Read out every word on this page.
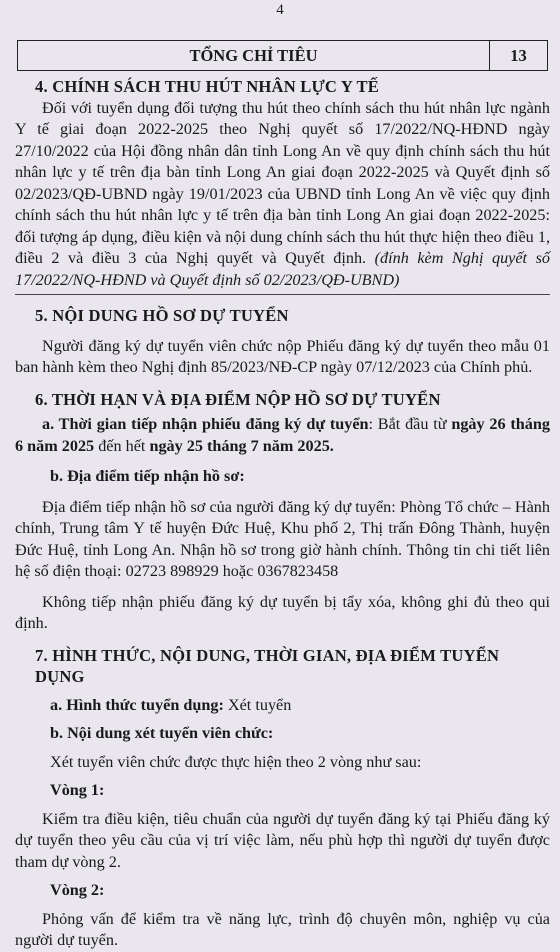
4
TỔNG CHỈ TIÊU	13
4. CHÍNH SÁCH THU HÚT NHÂN LỰC Y TẾ

Đối với tuyển dụng đối tượng thu hút theo chính sách thu hút nhân lực ngành Y tế giai đoạn 2022-2025 theo Nghị quyết số 17/2022/NQ-HĐND ngày 27/10/2022 của Hội đồng nhân dân tỉnh Long An về quy định chính sách thu hút nhân lực y tế trên địa bàn tỉnh Long An giai đoạn 2022-2025 và Quyết định số 02/2023/QĐ-UBND ngày 19/01/2023 của UBND tỉnh Long An về việc quy định chính sách thu hút nhân lực y tế trên địa bàn tỉnh Long An giai đoạn 2022-2025: đối tượng áp dụng, điều kiện và nội dung chính sách thu hút thực hiện theo điều 1, điều 2 và điều 3 của Nghị quyết và Quyết định. (đính kèm Nghị quyết số 17/2022/NQ-HĐND và Quyết định số 02/2023/QĐ-UBND)

5. NỘI DUNG HỒ SƠ DỰ TUYỂN

Người đăng ký dự tuyển viên chức nộp Phiếu đăng ký dự tuyển theo mẫu 01 ban hành kèm theo Nghị định 85/2023/NĐ-CP ngày 07/12/2023 của Chính phủ.

6. THỜI HẠN VÀ ĐỊA ĐIỂM NỘP HỒ SƠ DỰ TUYỂN

a. Thời gian tiếp nhận phiếu đăng ký dự tuyển: Bắt đầu từ ngày 26 tháng 6 năm 2025 đến hết ngày 25 tháng 7 năm 2025.

b. Địa điểm tiếp nhận hồ sơ:

Địa điểm tiếp nhận hồ sơ của người đăng ký dự tuyển: Phòng Tổ chức – Hành chính, Trung tâm Y tế huyện Đức Huệ, Khu phố 2, Thị trấn Đông Thành, huyện Đức Huệ, tỉnh Long An. Nhận hồ sơ trong giờ hành chính. Thông tin chi tiết liên hệ số điện thoại: 02723 898929 hoặc 0367823458

Không tiếp nhận phiếu đăng ký dự tuyển bị tẩy xóa, không ghi đủ theo qui định.

7. HÌNH THỨC, NỘI DUNG, THỜI GIAN, ĐỊA ĐIỂM TUYỂN DỤNG

a. Hình thức tuyển dụng: Xét tuyển

b. Nội dung xét tuyển viên chức:

Xét tuyển viên chức được thực hiện theo 2 vòng như sau:

Vòng 1:

Kiểm tra điều kiện, tiêu chuẩn của người dự tuyển đăng ký tại Phiếu đăng ký dự tuyển theo yêu cầu của vị trí việc làm, nếu phù hợp thì người dự tuyển được tham dự vòng 2.

Vòng 2:

Phỏng vấn để kiểm tra về năng lực, trình độ chuyên môn, nghiệp vụ của người dự tuyển.
